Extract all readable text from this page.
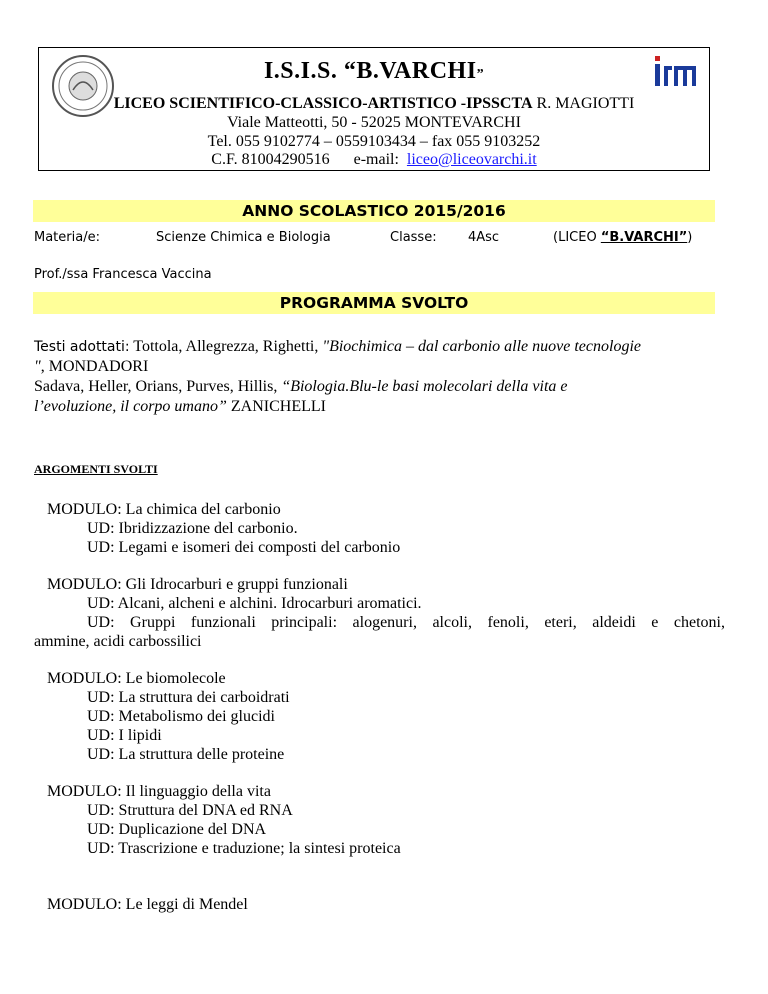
I.S.I.S. “B.VARCHI”
LICEO SCIENTIFICO-CLASSICO-ARTISTICO -IPSSCTA R. MAGIOTTI
Viale Matteotti, 50 - 52025 MONTEVARCHI
Tel. 055 9102774 – 0559103434 – fax 055 9103252
C.F. 81004290516 e-mail: liceo@liceovarchi.it
ANNO SCOLASTICO 2015/2016
Materia/e:	Scienze Chimica e Biologia	Classe: 4Asc	(LICEO “B.VARCHI”)
Prof./ssa Francesca Vaccina
PROGRAMMA SVOLTO
Testi adottati: Tottola, Allegrezza, Righetti, "Biochimica – dal carbonio alle nuove tecnologie
", MONDADORI
Sadava, Heller, Orians, Purves, Hillis, “Biologia.Blu-le basi molecolari della vita e
l’evoluzione, il corpo umano” ZANICHELLI
ARGOMENTI SVOLTI
MODULO: La chimica del carbonio
UD: Ibridizzazione del carbonio.
UD: Legami e isomeri dei composti del carbonio
MODULO: Gli Idrocarburi e gruppi funzionali
UD: Alcani, alcheni e alchini. Idrocarburi aromatici.
UD: Gruppi funzionali principali: alogenuri, alcoli, fenoli, eteri, aldeidi e chetoni,
ammine, acidi carbossilici
MODULO: Le biomolecole
UD: La struttura dei carboidrati
UD: Metabolismo dei glucidi
UD: I lipidi
UD: La struttura delle proteine
MODULO: Il linguaggio della vita
UD: Struttura del DNA ed RNA
UD: Duplicazione del DNA
UD: Trascrizione e traduzione; la sintesi proteica
MODULO: Le leggi di Mendel
